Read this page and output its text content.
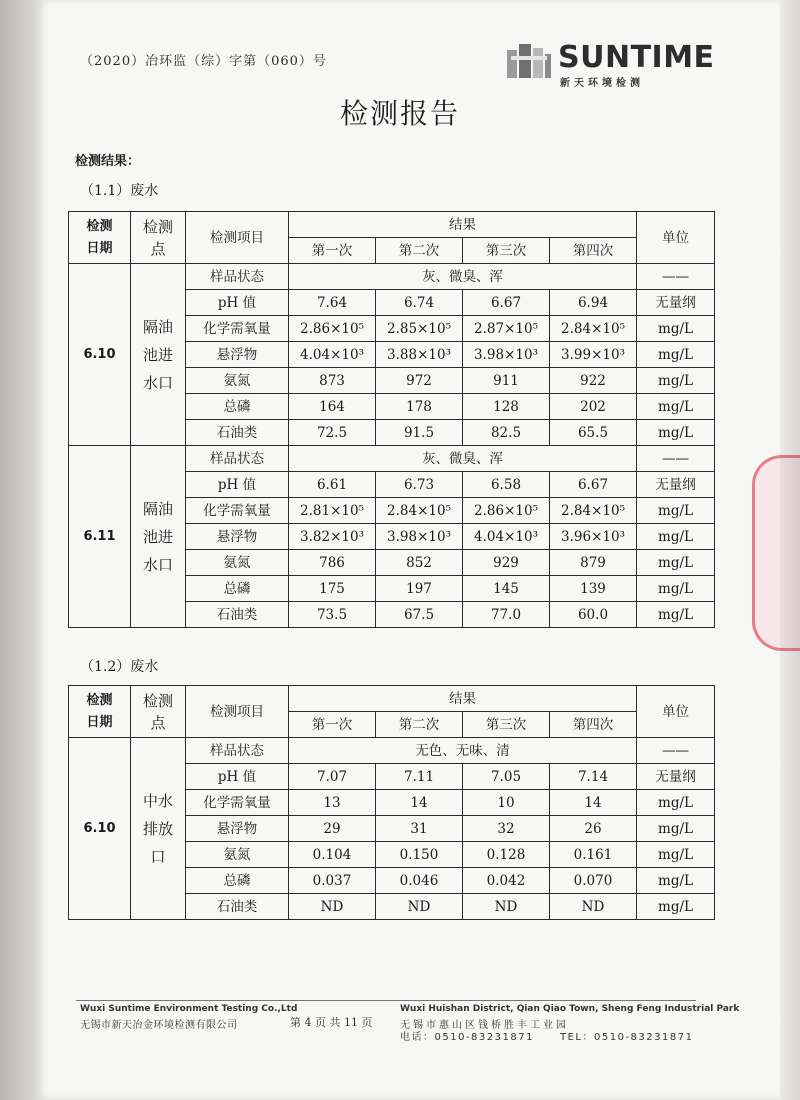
（2020）冶环监（综）字第（060）号	SUNTIME
新天环境检测
检测报告
检测结果：
（1.1）废水
检测日期	检测点	检测项目	结果				单位
			第一次	第二次	第三次	第四次	
6.10	隔油池进水口	样品状态	灰、微臭、浑				——
		pH 值	7.64	6.74	6.67	6.94	无量纲
		化学需氧量	2.86×10⁵	2.85×10⁵	2.87×10⁵	2.84×10⁵	mg/L
		悬浮物	4.04×10³	3.88×10³	3.98×10³	3.99×10³	mg/L
		氨氮	873	972	911	922	mg/L
		总磷	164	178	128	202	mg/L
		石油类	72.5	91.5	82.5	65.5	mg/L
6.11	隔油池进水口	样品状态	灰、微臭、浑				——
		pH 值	6.61	6.73	6.58	6.67	无量纲
		化学需氧量	2.81×10⁵	2.84×10⁵	2.86×10⁵	2.84×10⁵	mg/L
		悬浮物	3.82×10³	3.98×10³	4.04×10³	3.96×10³	mg/L
		氨氮	786	852	929	879	mg/L
		总磷	175	197	145	139	mg/L
		石油类	73.5	67.5	77.0	60.0	mg/L
（1.2）废水
检测日期	检测点	检测项目	结果				单位
			第一次	第二次	第三次	第四次	
6.10	中水排放口	样品状态	无色、无味、清				——
		pH 值	7.07	7.11	7.05	7.14	无量纲
		化学需氧量	13	14	10	14	mg/L
		悬浮物	29	31	32	26	mg/L
		氨氮	0.104	0.150	0.128	0.161	mg/L
		总磷	0.037	0.046	0.042	0.070	mg/L
		石油类	ND	ND	ND	ND	mg/L
Wuxi Suntime Environment Testing Co.,Ltd
无锡市新天冶金环境检测有限公司	第 4 页 共 11 页
Wuxi Huishan District, Qian Qiao Town, Sheng Feng Industrial Park
无锡市惠山区钱桥胜丰工业园
电话：0510-83231871	TEL：0510-83231871
